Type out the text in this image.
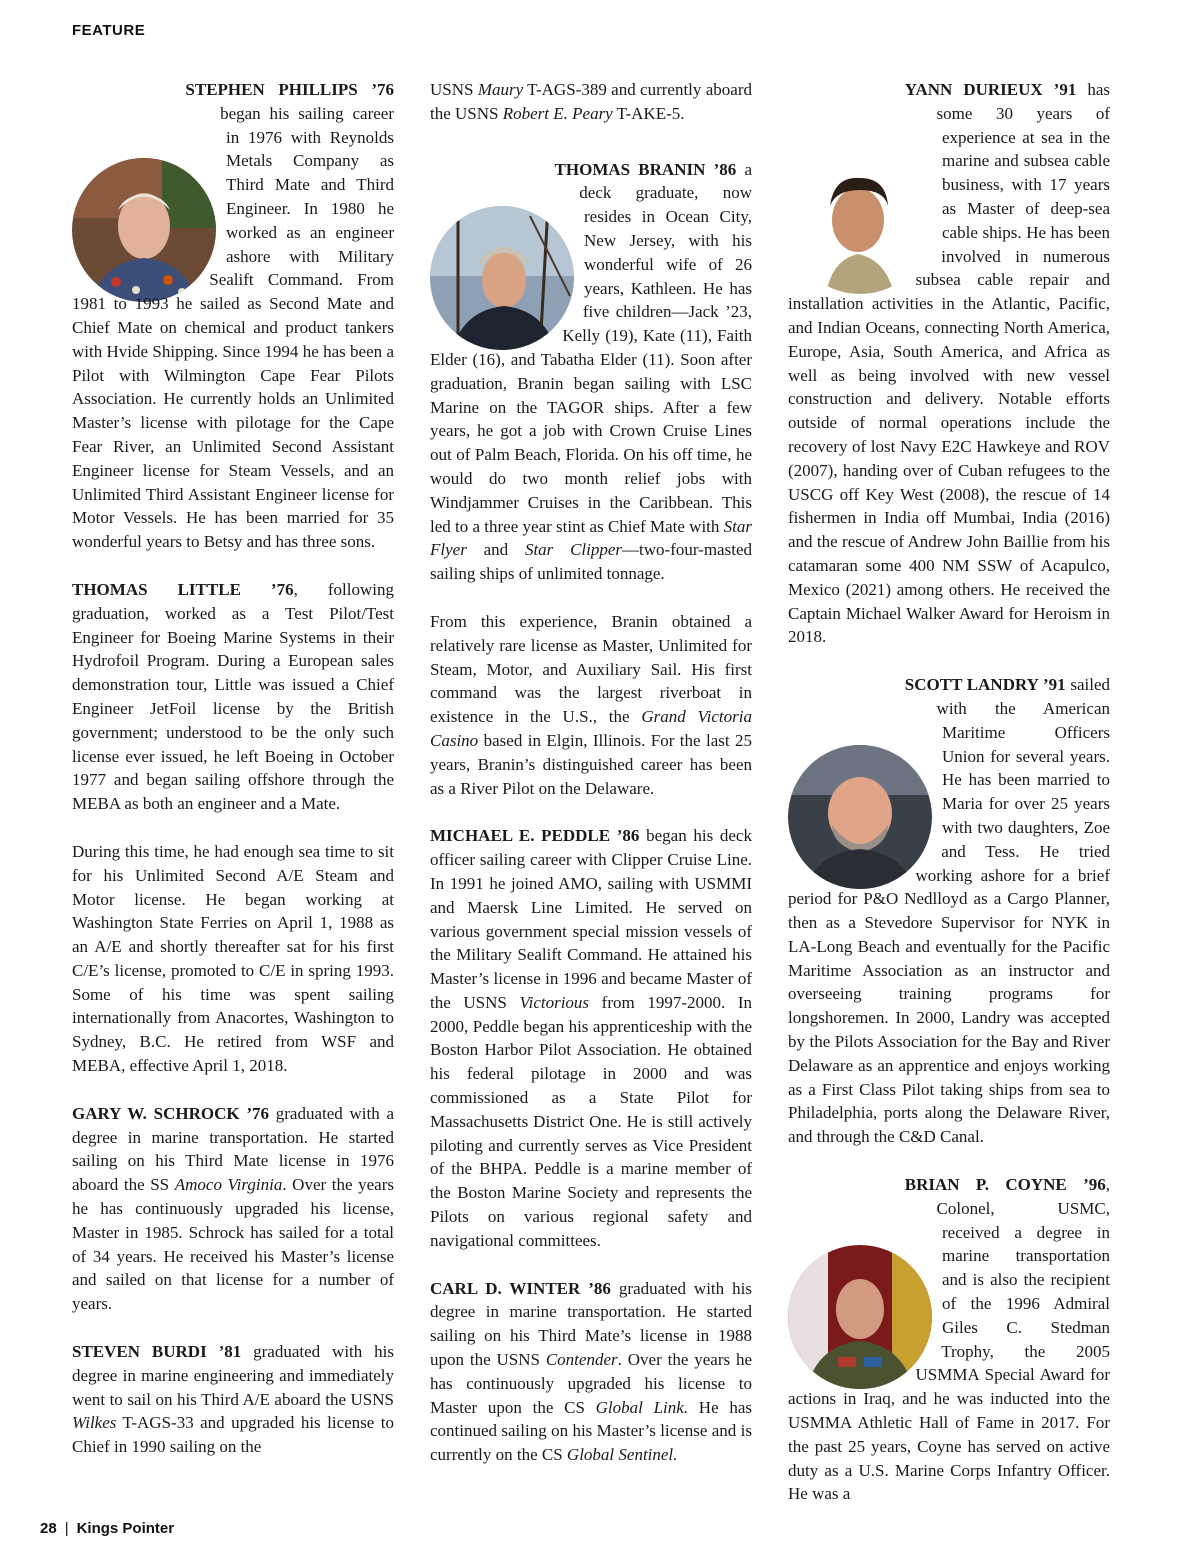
FEATURE

STEPHEN PHILLIPS ’76 began his sailing career in 1976 with Reynolds Metals Company as Third Mate and Third Engineer. In 1980 he worked as an engineer ashore with Military Sealift Command. From 1981 to 1993 he sailed as Second Mate and Chief Mate on chemical and product tankers with Hvide Shipping. Since 1994 he has been a Pilot with Wilmington Cape Fear Pilots Association. He currently holds an Unlimited Master’s license with pilotage for the Cape Fear River, an Unlimited Second Assistant Engineer license for Steam Vessels, and an Unlimited Third Assistant Engineer license for Motor Vessels. He has been married for 35 wonderful years to Betsy and has three sons.

THOMAS LITTLE ’76, following graduation, worked as a Test Pilot/Test Engineer for Boeing Marine Systems in their Hydrofoil Program. During a European sales demonstration tour, Little was issued a Chief Engineer JetFoil license by the British government; understood to be the only such license ever issued, he left Boeing in October 1977 and began sailing offshore through the MEBA as both an engineer and a Mate.

During this time, he had enough sea time to sit for his Unlimited Second A/E Steam and Motor license. He began working at Washington State Ferries on April 1, 1988 as an A/E and shortly thereafter sat for his first C/E’s license, promoted to C/E in spring 1993. Some of his time was spent sailing internationally from Anacortes, Washington to Sydney, B.C. He retired from WSF and MEBA, effective April 1, 2018.

GARY W. SCHROCK ’76 graduated with a degree in marine transportation. He started sailing on his Third Mate license in 1976 aboard the SS Amoco Virginia. Over the years he has continuously upgraded his license, Master in 1985. Schrock has sailed for a total of 34 years. He received his Master’s license and sailed on that license for a number of years.

STEVEN BURDI ’81 graduated with his degree in marine engineering and immediately went to sail on his Third A/E aboard the USNS Wilkes T-AGS-33 and upgraded his license to Chief in 1990 sailing on the

USNS Maury T-AGS-389 and currently aboard the USNS Robert E. Peary T-AKE-5.

THOMAS BRANIN ’86 a deck graduate, now resides in Ocean City, New Jersey, with his wonderful wife of 26 years, Kathleen. He has five children—Jack ’23, Kelly (19), Kate (11), Faith Elder (16), and Tabatha Elder (11). Soon after graduation, Branin began sailing with LSC Marine on the TAGOR ships. After a few years, he got a job with Crown Cruise Lines out of Palm Beach, Florida. On his off time, he would do two month relief jobs with Windjammer Cruises in the Caribbean. This led to a three year stint as Chief Mate with Star Flyer and Star Clipper—two-four-masted sailing ships of unlimited tonnage.

From this experience, Branin obtained a relatively rare license as Master, Unlimited for Steam, Motor, and Auxiliary Sail. His first command was the largest riverboat in existence in the U.S., the Grand Victoria Casino based in Elgin, Illinois. For the last 25 years, Branin’s distinguished career has been as a River Pilot on the Delaware.

MICHAEL E. PEDDLE ’86 began his deck officer sailing career with Clipper Cruise Line. In 1991 he joined AMO, sailing with USMMI and Maersk Line Limited. He served on various government special mission vessels of the Military Sealift Command. He attained his Master’s license in 1996 and became Master of the USNS Victorious from 1997-2000. In 2000, Peddle began his apprenticeship with the Boston Harbor Pilot Association. He obtained his federal pilotage in 2000 and was commissioned as a State Pilot for Massachusetts District One. He is still actively piloting and currently serves as Vice President of the BHPA. Peddle is a marine member of the Boston Marine Society and represents the Pilots on various regional safety and navigational committees.

CARL D. WINTER ’86 graduated with his degree in marine transportation. He started sailing on his Third Mate’s license in 1988 upon the USNS Contender. Over the years he has continuously upgraded his license to Master upon the CS Global Link. He has continued sailing on his Master’s license and is currently on the CS Global Sentinel.

YANN DURIEUX ’91 has some 30 years of experience at sea in the marine and subsea cable business, with 17 years as Master of deep-sea cable ships. He has been involved in numerous subsea cable repair and installation activities in the Atlantic, Pacific, and Indian Oceans, connecting North America, Europe, Asia, South America, and Africa as well as being involved with new vessel construction and delivery. Notable efforts outside of normal operations include the recovery of lost Navy E2C Hawkeye and ROV (2007), handing over of Cuban refugees to the USCG off Key West (2008), the rescue of 14 fishermen in India off Mumbai, India (2016) and the rescue of Andrew John Baillie from his catamaran some 400 NM SSW of Acapulco, Mexico (2021) among others. He received the Captain Michael Walker Award for Heroism in 2018.

SCOTT LANDRY ’91 sailed with the American Maritime Officers Union for several years. He has been married to Maria for over 25 years with two daughters, Zoe and Tess. He tried working ashore for a brief period for P&O Nedlloyd as a Cargo Planner, then as a Stevedore Supervisor for NYK in LA-Long Beach and eventually for the Pacific Maritime Association as an instructor and overseeing training programs for longshoremen. In 2000, Landry was accepted by the Pilots Association for the Bay and River Delaware as an apprentice and enjoys working as a First Class Pilot taking ships from sea to Philadelphia, ports along the Delaware River, and through the C&D Canal.

BRIAN P. COYNE ’96, Colonel, USMC, received a degree in marine transportation and is also the recipient of the 1996 Admiral Giles C. Stedman Trophy, the 2005 USMMA Special Award for actions in Iraq, and he was inducted into the USMMA Athletic Hall of Fame in 2017. For the past 25 years, Coyne has served on active duty as a U.S. Marine Corps Infantry Officer. He was a

28 | Kings Pointer
